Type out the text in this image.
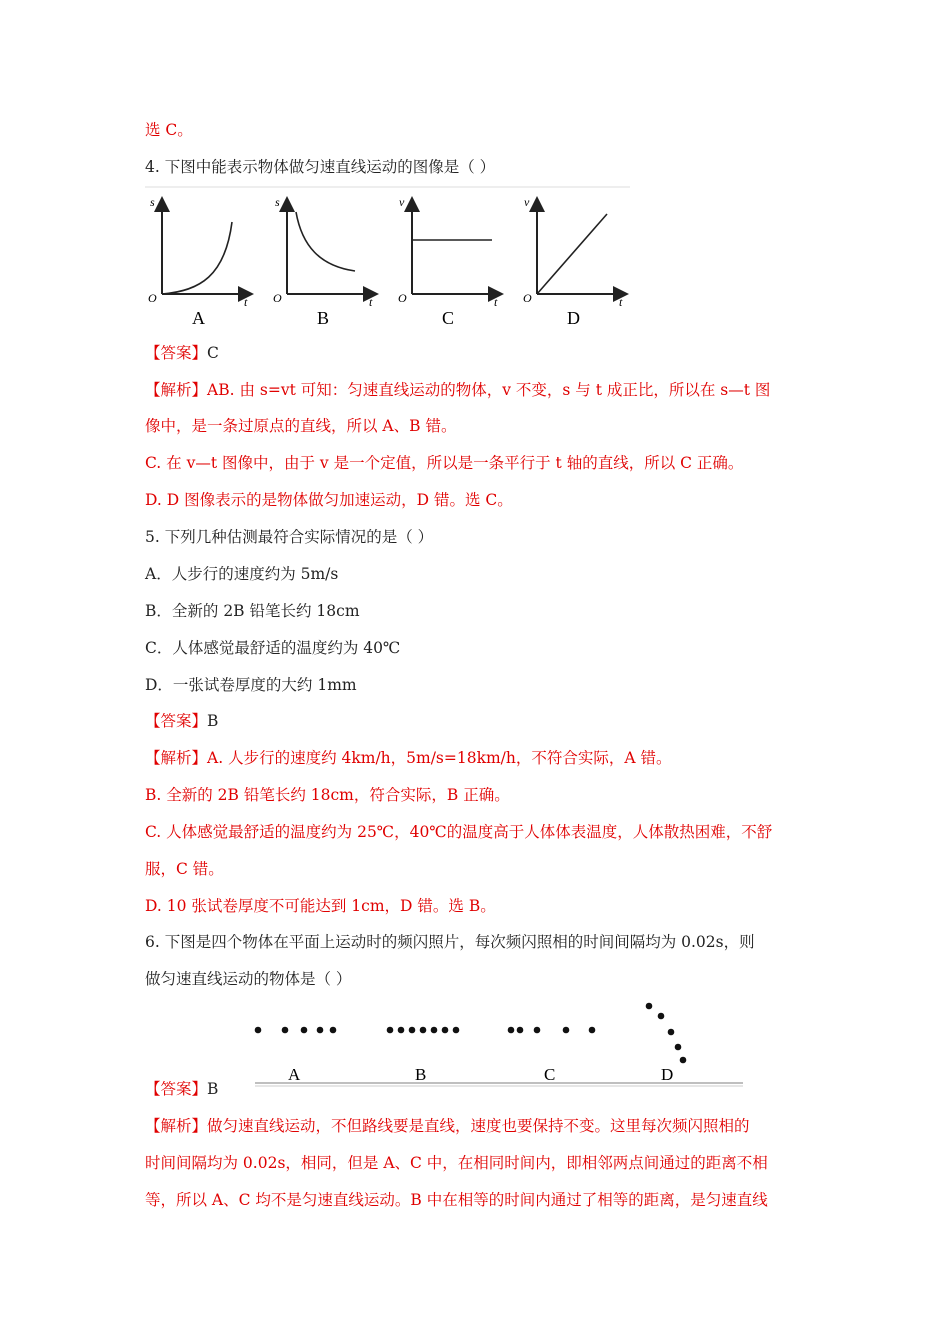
选 C。
4. 下图中能表示物体做匀速直线运动的图像是（ ）
s
t
O
A
s
t
O
B
v
t
O
C
v
t
O
D
【答案】C
【解析】AB. 由 s=vt 可知：匀速直线运动的物体，v 不变，s 与 t 成正比，所以在 s—t 图
像中，是一条过原点的直线，所以 A、B 错。
C. 在 v—t 图像中，由于 v 是一个定值，所以是一条平行于 t 轴的直线，所以 C 正确。
D. D 图像表示的是物体做匀加速运动，D 错。选 C。
5. 下列几种估测最符合实际情况的是（ ）
A．人步行的速度约为 5m/s
B．全新的 2B 铅笔长约 18cm
C．人体感觉最舒适的温度约为 40℃
D．一张试卷厚度的大约 1mm
【答案】B
【解析】A. 人步行的速度约 4km/h，5m/s=18km/h，不符合实际，A 错。
B. 全新的 2B 铅笔长约 18cm，符合实际，B 正确。
C. 人体感觉最舒适的温度约为 25℃，40℃的温度高于人体体表温度，人体散热困难，不舒
服，C 错。
D. 10 张试卷厚度不可能达到 1cm，D 错。选 B。
6. 下图是四个物体在平面上运动时的频闪照片，每次频闪照相的时间间隔均为 0.02s，则
做匀速直线运动的物体是（ ）
A	B	C	D
【答案】B
【解析】做匀速直线运动，不但路线要是直线，速度也要保持不变。这里每次频闪照相的
时间间隔均为 0.02s，相同，但是 A、C 中，在相同时间内，即相邻两点间通过的距离不相
等，所以 A、C 均不是匀速直线运动。B 中在相等的时间内通过了相等的距离，是匀速直线
